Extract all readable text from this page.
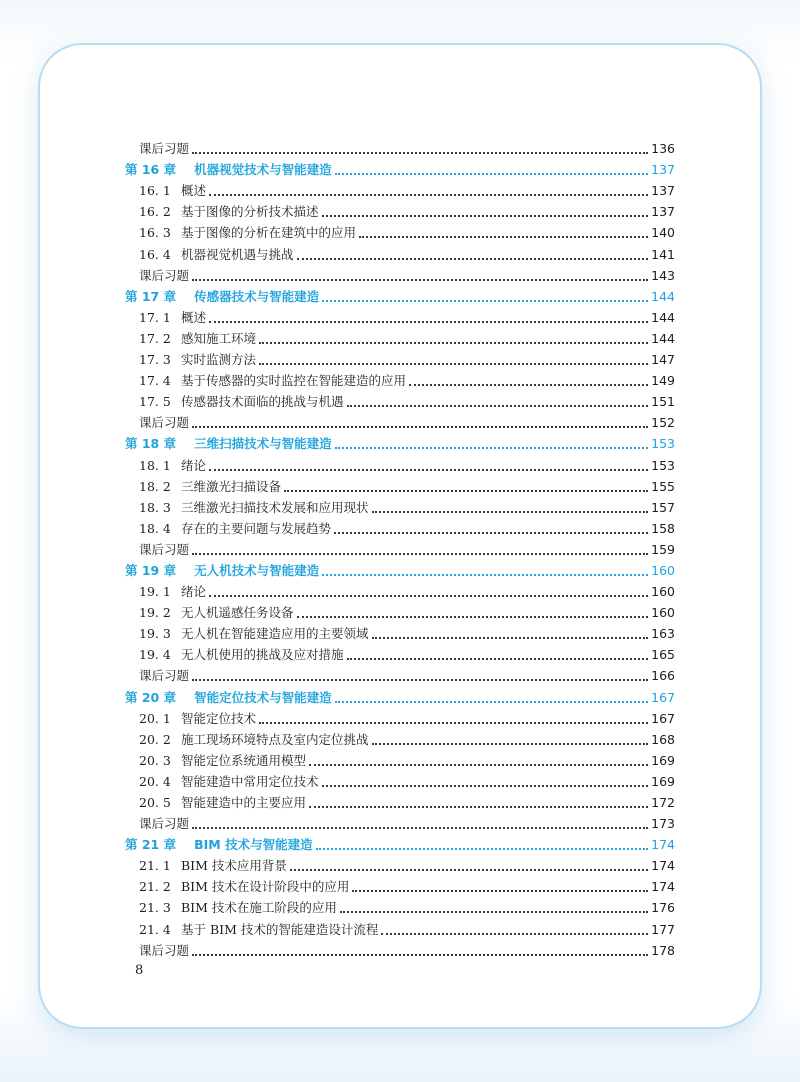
课后习题	136
第 16 章 机器视觉技术与智能建造	137
16. 1 概述	137
16. 2 基于图像的分析技术描述	137
16. 3 基于图像的分析在建筑中的应用	140
16. 4 机器视觉机遇与挑战	141
课后习题	143
第 17 章 传感器技术与智能建造	144
17. 1 概述	144
17. 2 感知施工环境	144
17. 3 实时监测方法	147
17. 4 基于传感器的实时监控在智能建造的应用	149
17. 5 传感器技术面临的挑战与机遇	151
课后习题	152
第 18 章 三维扫描技术与智能建造	153
18. 1 绪论	153
18. 2 三维激光扫描设备	155
18. 3 三维激光扫描技术发展和应用现状	157
18. 4 存在的主要问题与发展趋势	158
课后习题	159
第 19 章 无人机技术与智能建造	160
19. 1 绪论	160
19. 2 无人机遥感任务设备	160
19. 3 无人机在智能建造应用的主要领域	163
19. 4 无人机使用的挑战及应对措施	165
课后习题	166
第 20 章 智能定位技术与智能建造	167
20. 1 智能定位技术	167
20. 2 施工现场环境特点及室内定位挑战	168
20. 3 智能定位系统通用模型	169
20. 4 智能建造中常用定位技术	169
20. 5 智能建造中的主要应用	172
课后习题	173
第 21 章 BIM 技术与智能建造	174
21. 1 BIM 技术应用背景	174
21. 2 BIM 技术在设计阶段中的应用	174
21. 3 BIM 技术在施工阶段的应用	176
21. 4 基于 BIM 技术的智能建造设计流程	177
课后习题	178
8
